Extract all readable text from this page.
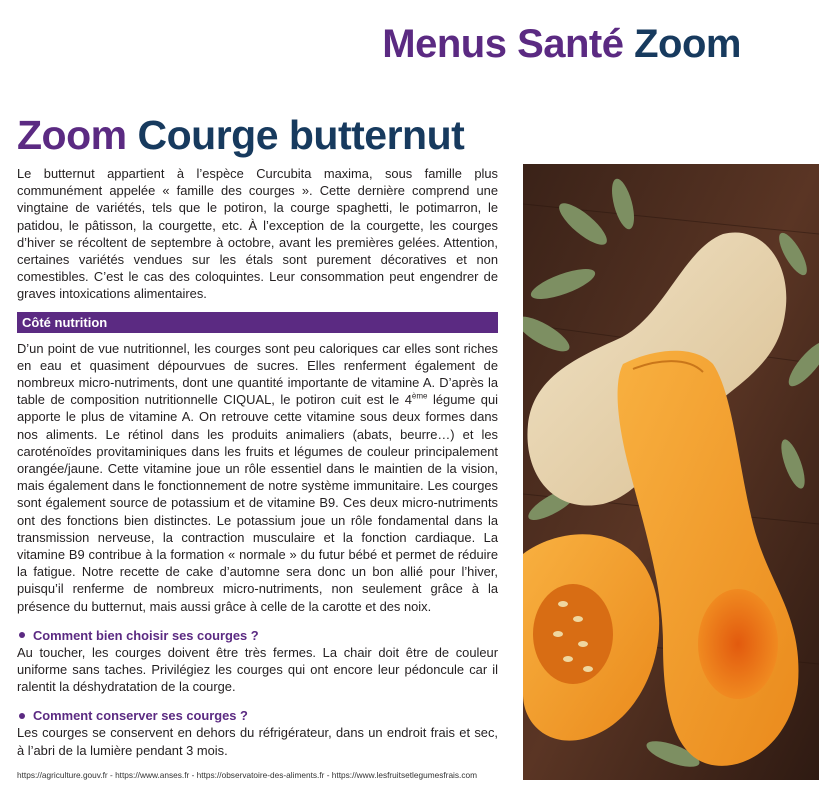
Menus Santé Zoom
Zoom Courge butternut

Le butternut appartient à l’espèce Curcubita maxima, sous famille plus communément appelée « famille des courges ». Cette dernière comprend une vingtaine de variétés, tels que le potiron, la courge spaghetti, le potimarron, le patidou, le pâtisson, la courgette, etc. À l’exception de la courgette, les courges d’hiver se récoltent de septembre à octobre, avant les premières gelées. Attention, certaines variétés vendues sur les étals sont purement décoratives et non comestibles. C’est le cas des coloquintes. Leur consommation peut engendrer de graves intoxications alimentaires.

Côté nutrition

D’un point de vue nutritionnel, les courges sont peu caloriques car elles sont riches en eau et quasiment dépourvues de sucres. Elles renferment également de nombreux micro-nutriments, dont une quantité importante de vitamine A. D’après la table de composition nutritionnelle CIQUAL, le potiron cuit est le 4ème légume qui apporte le plus de vitamine A. On retrouve cette vitamine sous deux formes dans nos aliments. Le rétinol dans les produits animaliers (abats, beurre…) et les caroténoïdes provitaminiques dans les fruits et légumes de couleur principalement orangée/jaune. Cette vitamine joue un rôle essentiel dans le maintien de la vision, mais également dans le fonctionnement de notre système immunitaire. Les courges sont également source de potassium et de vitamine B9. Ces deux micro-nutriments ont des fonctions bien distinctes. Le potassium joue un rôle fondamental dans la transmission nerveuse, la contraction musculaire et la fonction cardiaque. La vitamine B9 contribue à la formation « normale » du futur bébé et permet de réduire la fatigue. Notre recette de cake d’automne sera donc un bon allié pour l’hiver, puisqu’il renferme de nombreux micro-nutriments, non seulement grâce à la présence du butternut, mais aussi grâce à celle de la carotte et des noix.

Comment bien choisir ses courges ?

Au toucher, les courges doivent être très fermes. La chair doit être de couleur uniforme sans taches. Privilégiez les courges qui ont encore leur pédoncule car il ralentit la déshydratation de la courge.

Comment conserver ses courges ?

Les courges se conservent en dehors du réfrigérateur, dans un endroit frais et sec, à l’abri de la lumière pendant 3 mois.

https://agriculture.gouv.fr - https://www.anses.fr - https://observatoire-des-aliments.fr - https://www.lesfruitsetlegumesfrais.com
